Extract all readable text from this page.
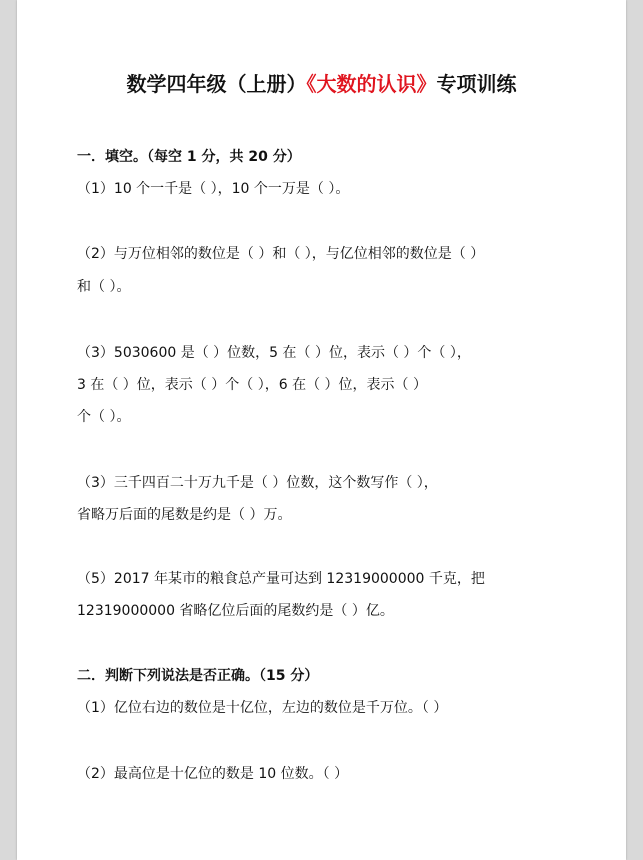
数学四年级（上册）《大数的认识》专项训练
一．填空。（每空 1 分，共 20 分）
（1）10 个一千是（ ），10 个一万是（ ）。
（2）与万位相邻的数位是（ ）和（ ），与亿位相邻的数位是（ ）
和（ ）。
（3）5030600 是（ ）位数，5 在（ ）位，表示（ ）个（ ），
3 在（ ）位，表示（ ）个（ ），6 在（ ）位，表示（ ）
个（ ）。
（3）三千四百二十万九千是（ ）位数，这个数写作（ ），
省略万后面的尾数是约是（ ）万。
（5）2017 年某市的粮食总产量可达到 12319000000 千克，把
12319000000 省略亿位后面的尾数约是（ ）亿。
二．判断下列说法是否正确。（15 分）
（1）亿位右边的数位是十亿位，左边的数位是千万位。（ ）
（2）最高位是十亿位的数是 10 位数。（ ）
